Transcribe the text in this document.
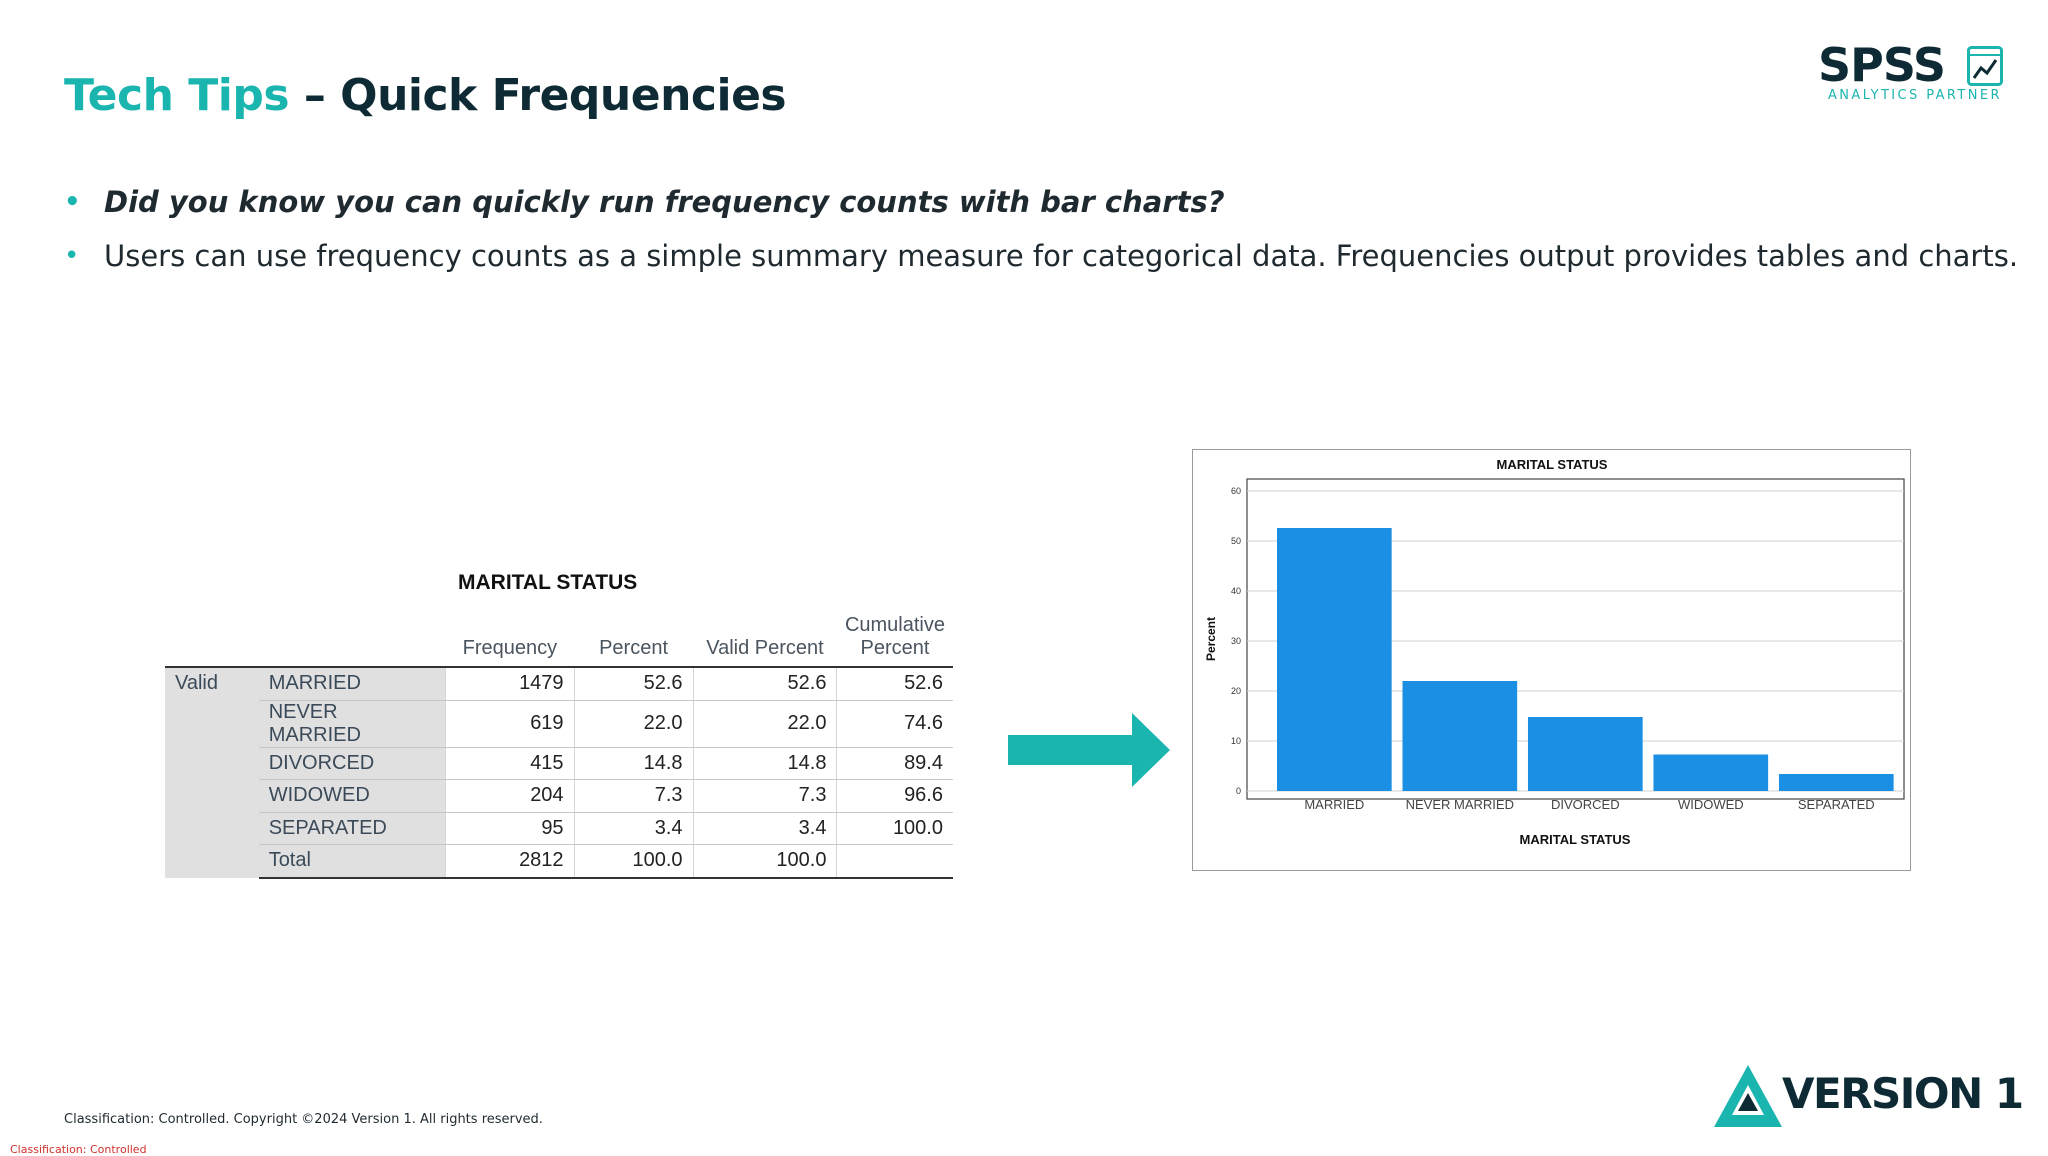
Tech Tips – Quick Frequencies
SPSS
ANALYTICS PARTNER
• Did you know you can quickly run frequency counts with bar charts?
• Users can use frequency counts as a simple summary measure for categorical data. Frequencies output provides tables and charts.
MARITAL STATUS
		Frequency	Percent	Valid Percent	Cumulative Percent
Valid	MARRIED	1479	52.6	52.6	52.6
	NEVER MARRIED	619	22.0	22.0	74.6
	DIVORCED	415	14.8	14.8	89.4
	WIDOWED	204	7.3	7.3	96.6
	SEPARATED	95	3.4	3.4	100.0
	Total	2812	100.0	100.0	
MARITAL STATUS
Percent
MARITAL STATUS
0
10
20
30
40
50
60
MARRIED	NEVER MARRIED	DIVORCED	WIDOWED	SEPARATED
Classification: Controlled. Copyright ©2024 Version 1. All rights reserved.
Classification: Controlled
VERSION 1
